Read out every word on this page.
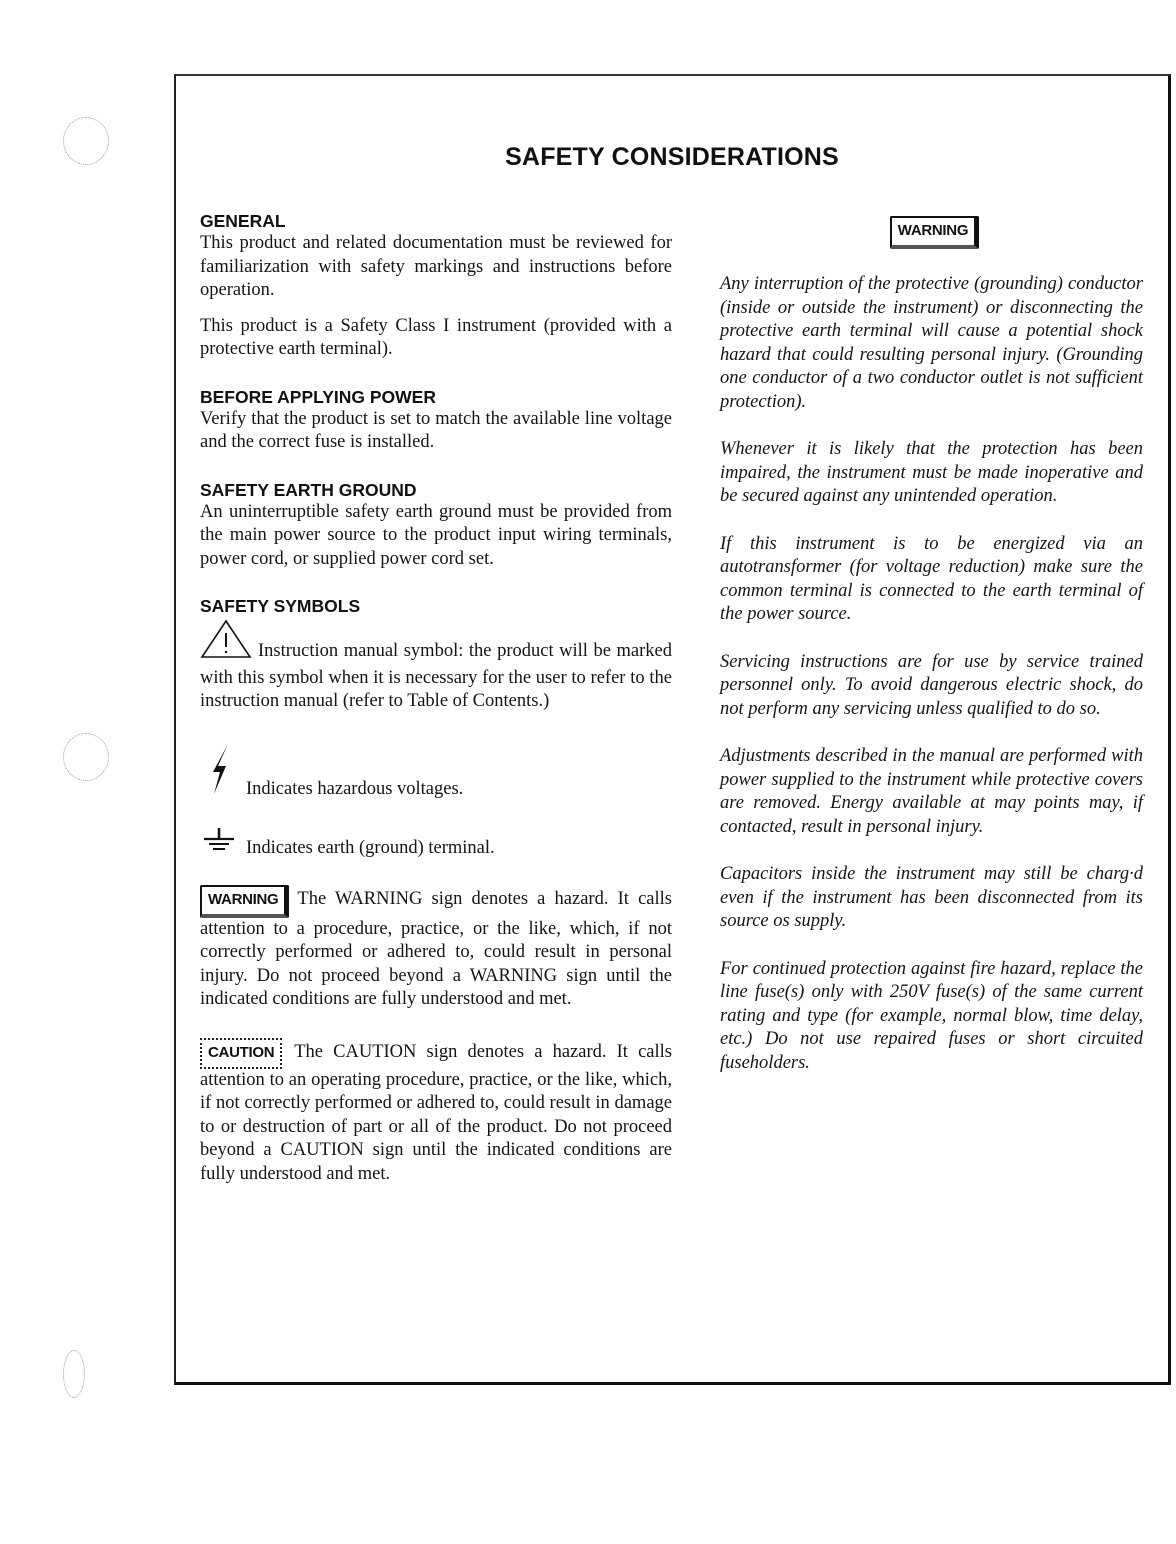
SAFETY CONSIDERATIONS
GENERAL

This product and related documentation must be reviewed for familiarization with safety markings and instructions before operation.

This product is a Safety Class I instrument (provided with a protective earth terminal).

BEFORE APPLYING POWER

Verify that the product is set to match the available line voltage and the correct fuse is installed.

SAFETY EARTH GROUND

An uninterruptible safety earth ground must be provided from the main power source to the product input wiring terminals, power cord, or supplied power cord set.

SAFETY SYMBOLS

Instruction manual symbol: the product will be marked with this symbol when it is necessary for the user to refer to the instruction manual (refer to Table of Contents.)

Indicates hazardous voltages.
Indicates earth (ground) terminal.

WARNING The WARNING sign denotes a hazard. It calls attention to a procedure, practice, or the like, which, if not correctly performed or adhered to, could result in personal injury. Do not proceed beyond a WARNING sign until the indicated conditions are fully understood and met.

CAUTION The CAUTION sign denotes a hazard. It calls attention to an operating procedure, practice, or the like, which, if not correctly performed or adhered to, could result in damage to or destruction of part or all of the product. Do not proceed beyond a CAUTION sign until the indicated conditions are fully understood and met.

WARNING

Any interruption of the protective (grounding) conductor (inside or outside the instrument) or disconnecting the protective earth terminal will cause a potential shock hazard that could resulting personal injury. (Grounding one conductor of a two conductor outlet is not sufficient protection).

Whenever it is likely that the protection has been impaired, the instrument must be made inoperative and be secured against any unintended operation.

If this instrument is to be energized via an autotransformer (for voltage reduction) make sure the common terminal is connected to the earth terminal of the power source.

Servicing instructions are for use by service trained personnel only. To avoid dangerous electric shock, do not perform any servicing unless qualified to do so.

Adjustments described in the manual are performed with power supplied to the instrument while protective covers are removed. Energy available at may points may, if contacted, result in personal injury.

Capacitors inside the instrument may still be charg·d even if the instrument has been disconnected from its source os supply.

For continued protection against fire hazard, replace the line fuse(s) only with 250V fuse(s) of the same current rating and type (for example, normal blow, time delay, etc.) Do not use repaired fuses or short circuited fuseholders.
